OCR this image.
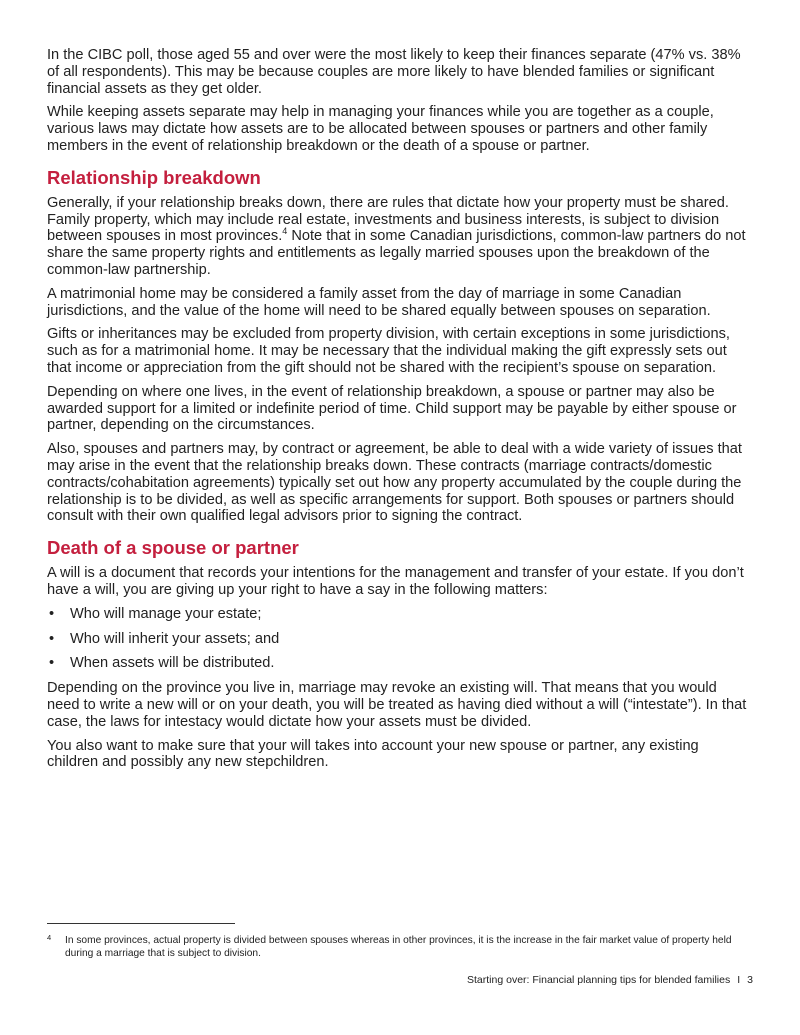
In the CIBC poll, those aged 55 and over were the most likely to keep their finances separate (47% vs. 38% of all respondents). This may be because couples are more likely to have blended families or significant financial assets as they get older.

While keeping assets separate may help in managing your finances while you are together as a couple, various laws may dictate how assets are to be allocated between spouses or partners and other family members in the event of relationship breakdown or the death of a spouse or partner.

Relationship breakdown

Generally, if your relationship breaks down, there are rules that dictate how your property must be shared. Family property, which may include real estate, investments and business interests, is subject to division between spouses in most provinces.$^4$ Note that in some Canadian jurisdictions, common-law partners do not share the same property rights and entitlements as legally married spouses upon the breakdown of the common-law partnership.

A matrimonial home may be considered a family asset from the day of marriage in some Canadian jurisdictions, and the value of the home will need to be shared equally between spouses on separation.

Gifts or inheritances may be excluded from property division, with certain exceptions in some jurisdictions, such as for a matrimonial home. It may be necessary that the individual making the gift expressly sets out that income or appreciation from the gift should not be shared with the recipient’s spouse on separation.

Depending on where one lives, in the event of relationship breakdown, a spouse or partner may also be awarded support for a limited or indefinite period of time. Child support may be payable by either spouse or partner, depending on the circumstances.

Also, spouses and partners may, by contract or agreement, be able to deal with a wide variety of issues that may arise in the event that the relationship breaks down. These contracts (marriage contracts/domestic contracts/cohabitation agreements) typically set out how any property accumulated by the couple during the relationship is to be divided, as well as specific arrangements for support. Both spouses or partners should consult with their own qualified legal advisors prior to signing the contract.

Death of a spouse or partner

A will is a document that records your intentions for the management and transfer of your estate. If you don’t have a will, you are giving up your right to have a say in the following matters:

• Who will manage your estate;
• Who will inherit your assets; and
• When assets will be distributed.

Depending on the province you live in, marriage may revoke an existing will. That means that you would need to write a new will or on your death, you will be treated as having died without a will (“intestate”). In that case, the laws for intestacy would dictate how your assets must be divided.

You also want to make sure that your will takes into account your new spouse or partner, any existing children and possibly any new stepchildren.

4	In some provinces, actual property is divided between spouses whereas in other provinces, it is the increase in the fair market value of property held during a marriage that is subject to division.
Starting over: Financial planning tips for blended families I 3
